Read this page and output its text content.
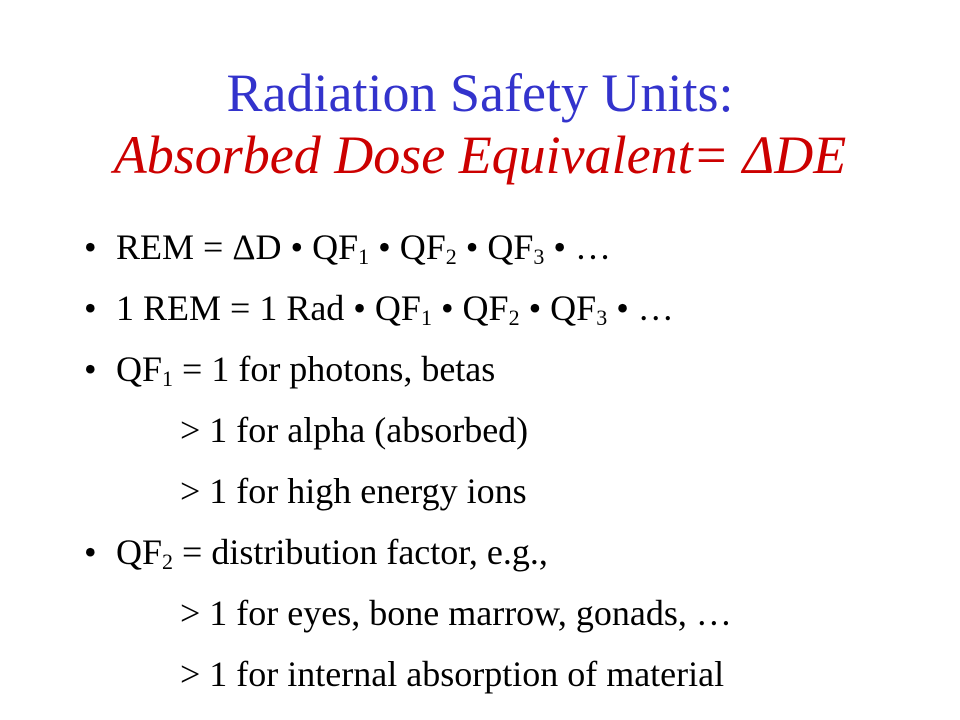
Radiation Safety Units:
Absorbed Dose Equivalent= ΔDE
• REM = ΔD • $QF_1$ • $QF_2$ • $QF_3$ • …
• 1 REM = 1 Rad • $QF_1$ • $QF_2$ • $QF_3$ • …
• $QF_1 = 1$ for photons, betas
> 1 for alpha (absorbed)
> 1 for high energy ions
• $QF_2$ = distribution factor, e.g.,
> 1 for eyes, bone marrow, gonads, …
> 1 for internal absorption of material
